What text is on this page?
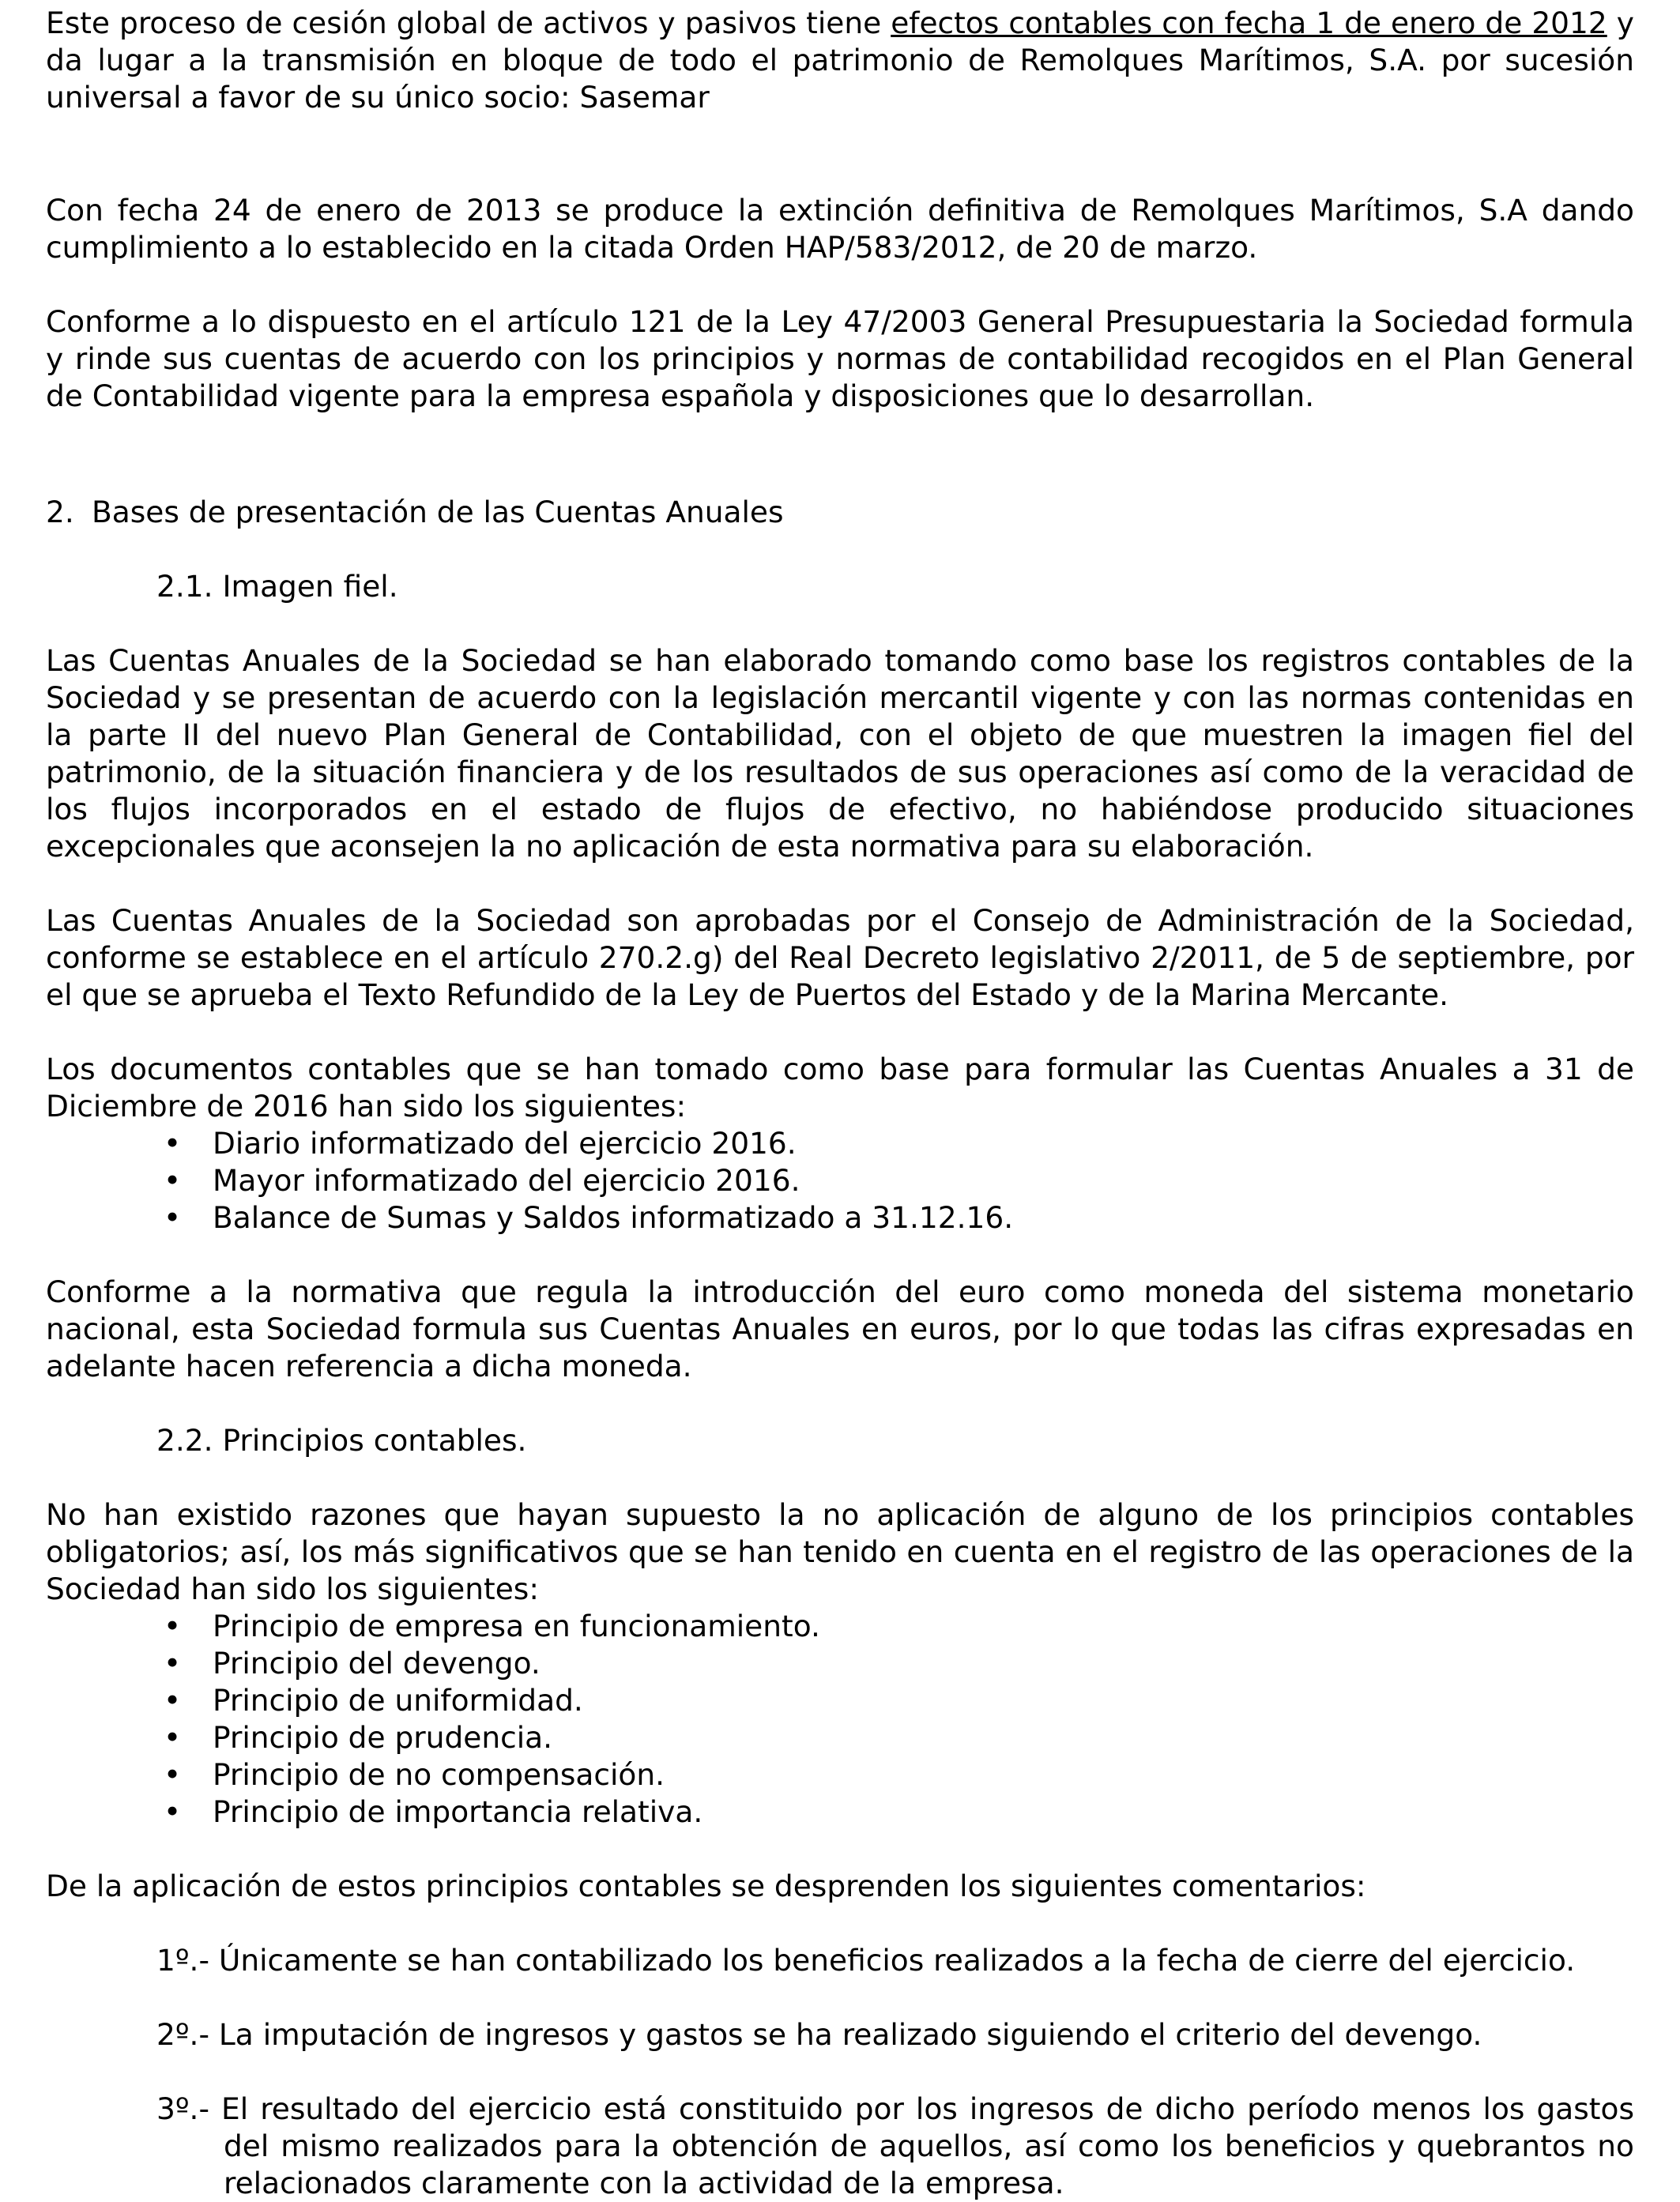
Este proceso de cesión global de activos y pasivos tiene efectos contables con fecha 1 de enero de 2012 y da lugar a la transmisión en bloque de todo el patrimonio de Remolques Marítimos, S.A. por sucesión universal a favor de su único socio: Sasemar

Con fecha 24 de enero de 2013 se produce la extinción definitiva de Remolques Marítimos, S.A dando cumplimiento a lo establecido en la citada Orden HAP/583/2012, de 20 de marzo.

Conforme a lo dispuesto en el artículo 121 de la Ley 47/2003 General Presupuestaria la Sociedad formula y rinde sus cuentas de acuerdo con los principios y normas de contabilidad recogidos en el Plan General de Contabilidad vigente para la empresa española y disposiciones que lo desarrollan.

2. Bases de presentación de las Cuentas Anuales

2.1. Imagen fiel.

Las Cuentas Anuales de la Sociedad se han elaborado tomando como base los registros contables de la Sociedad y se presentan de acuerdo con la legislación mercantil vigente y con las normas contenidas en la parte II del nuevo Plan General de Contabilidad, con el objeto de que muestren la imagen fiel del patrimonio, de la situación financiera y de los resultados de sus operaciones así como de la veracidad de los flujos incorporados en el estado de flujos de efectivo, no habiéndose producido situaciones excepcionales que aconsejen la no aplicación de esta normativa para su elaboración.

Las Cuentas Anuales de la Sociedad son aprobadas por el Consejo de Administración de la Sociedad, conforme se establece en el artículo 270.2.g) del Real Decreto legislativo 2/2011, de 5 de septiembre, por el que se aprueba el Texto Refundido de la Ley de Puertos del Estado y de la Marina Mercante.

Los documentos contables que se han tomado como base para formular las Cuentas Anuales a 31 de Diciembre de 2016 han sido los siguientes:

• Diario informatizado del ejercicio 2016.
• Mayor informatizado del ejercicio 2016.
• Balance de Sumas y Saldos informatizado a 31.12.16.

Conforme a la normativa que regula la introducción del euro como moneda del sistema monetario nacional, esta Sociedad formula sus Cuentas Anuales en euros, por lo que todas las cifras expresadas en adelante hacen referencia a dicha moneda.

2.2. Principios contables.

No han existido razones que hayan supuesto la no aplicación de alguno de los principios contables obligatorios; así, los más significativos que se han tenido en cuenta en el registro de las operaciones de la Sociedad han sido los siguientes:

• Principio de empresa en funcionamiento.
• Principio del devengo.
• Principio de uniformidad.
• Principio de prudencia.
• Principio de no compensación.
• Principio de importancia relativa.

De la aplicación de estos principios contables se desprenden los siguientes comentarios:

1º.- Únicamente se han contabilizado los beneficios realizados a la fecha de cierre del ejercicio.

2º.- La imputación de ingresos y gastos se ha realizado siguiendo el criterio del devengo.

3º.- El resultado del ejercicio está constituido por los ingresos de dicho período menos los gastos del mismo realizados para la obtención de aquellos, así como los beneficios y quebrantos no relacionados claramente con la actividad de la empresa.
